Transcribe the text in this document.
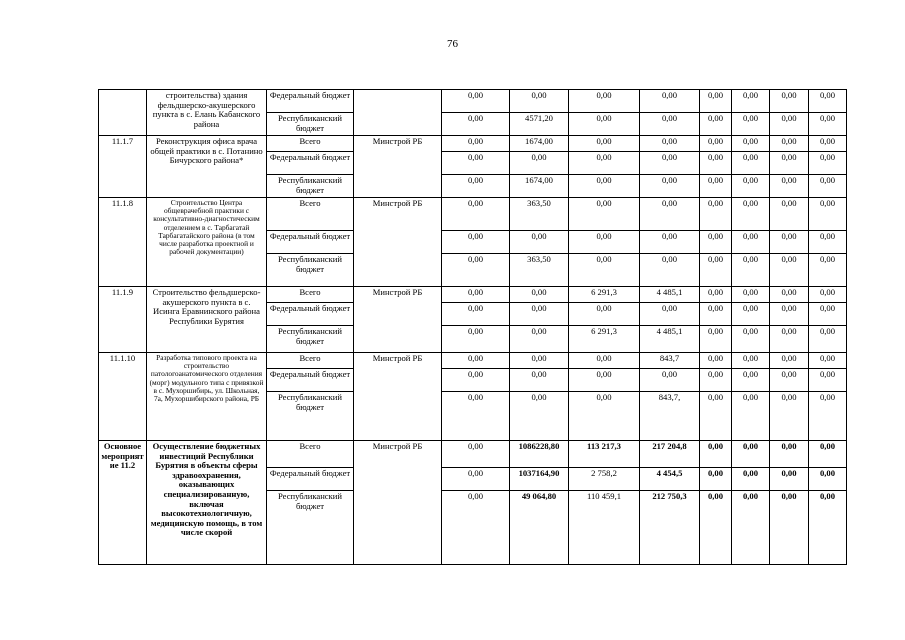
76
	строительства) здания фельдшерско-акушерского пункта в с. Елань Кабанского района	Федеральный бюджет		0,00	0,00	0,00	0,00	0,00	0,00	0,00	0,00
		Республиканский бюджет		0,00	4571,20	0,00	0,00	0,00	0,00	0,00	0,00
11.1.7	Реконструкция офиса врача общей практики в с. Потанино Бичурского района*	Всего	Минстрой РБ	0,00	1674,00	0,00	0,00	0,00	0,00	0,00	0,00
		Федеральный бюджет		0,00	0,00	0,00	0,00	0,00	0,00	0,00	0,00
		Республиканский бюджет		0,00	1674,00	0,00	0,00	0,00	0,00	0,00	0,00
11.1.8	Строительство Центра общеврачебной практики с консультативно-диагностическим отделением в с. Тарбагатай Тарбагатайского района (в том числе разработка проектной и рабочей документации)	Всего	Минстрой РБ	0,00	363,50	0,00	0,00	0,00	0,00	0,00	0,00
		Федеральный бюджет		0,00	0,00	0,00	0,00	0,00	0,00	0,00	0,00
		Республиканский бюджет		0,00	363,50	0,00	0,00	0,00	0,00	0,00	0,00
11.1.9	Строительство фельдшерско-акушерского пункта в с. Исинга Еравнинского района Республики Бурятия	Всего	Минстрой РБ	0,00	0,00	6 291,3	4 485,1	0,00	0,00	0,00	0,00
		Федеральный бюджет		0,00	0,00	0,00	0,00	0,00	0,00	0,00	0,00
		Республиканский бюджет		0,00	0,00	6 291,3	4 485,1	0,00	0,00	0,00	0,00
11.1.10	Разработка типового проекта на строительство патологоанатомического отделения (морг) модульного типа с привязкой в с. Мухоршибирь, ул. Школьная, 7а, Мухоршибирского района, РБ	Всего	Минстрой РБ	0,00	0,00	0,00	843,7	0,00	0,00	0,00	0,00
		Федеральный бюджет		0,00	0,00	0,00	0,00	0,00	0,00	0,00	0,00
		Республиканский бюджет		0,00	0,00	0,00	843,7,	0,00	0,00	0,00	0,00
Основное мероприятие 11.2	Осуществление бюджетных инвестиций Республики Бурятия в объекты сферы здравоохранения, оказывающих специализированную, включая высокотехнологичную, медицинскую помощь, в том числе скорой	Всего	Минстрой РБ	0,00	1086228,80	113 217,3	217 204,8	0,00	0,00	0,00	0,00
		Федеральный бюджет		0,00	1037164,90	2 758,2	4 454,5	0,00	0,00	0,00	0,00
		Республиканский бюджет		0,00	49 064,80	110 459,1	212 750,3	0,00	0,00	0,00	0,00
